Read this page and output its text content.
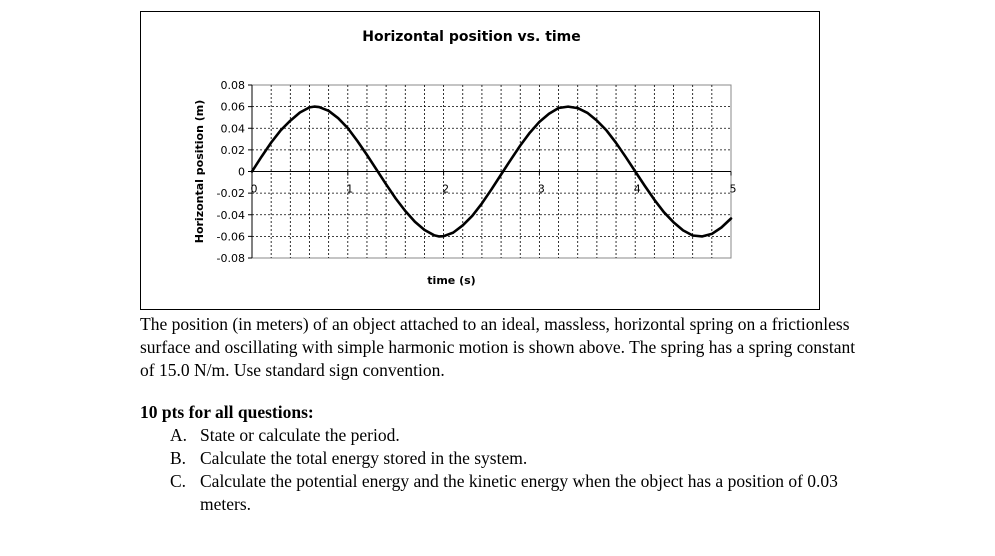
Horizontal position vs. time
0.08
0.06
0.04
0.02
0
-0.02
-0.04
-0.06
-0.08
0	1	2	3	4	5
time (s)
Horizontal position (m)

The position (in meters) of an object attached to an ideal, massless, horizontal spring on a frictionless surface and oscillating with simple harmonic motion is shown above. The spring has a spring constant of 15.0 N/m. Use standard sign convention.

10 pts for all questions:

A. State or calculate the period.
B. Calculate the total energy stored in the system.
C. Calculate the potential energy and the kinetic energy when the object has a position of 0.03 meters.
